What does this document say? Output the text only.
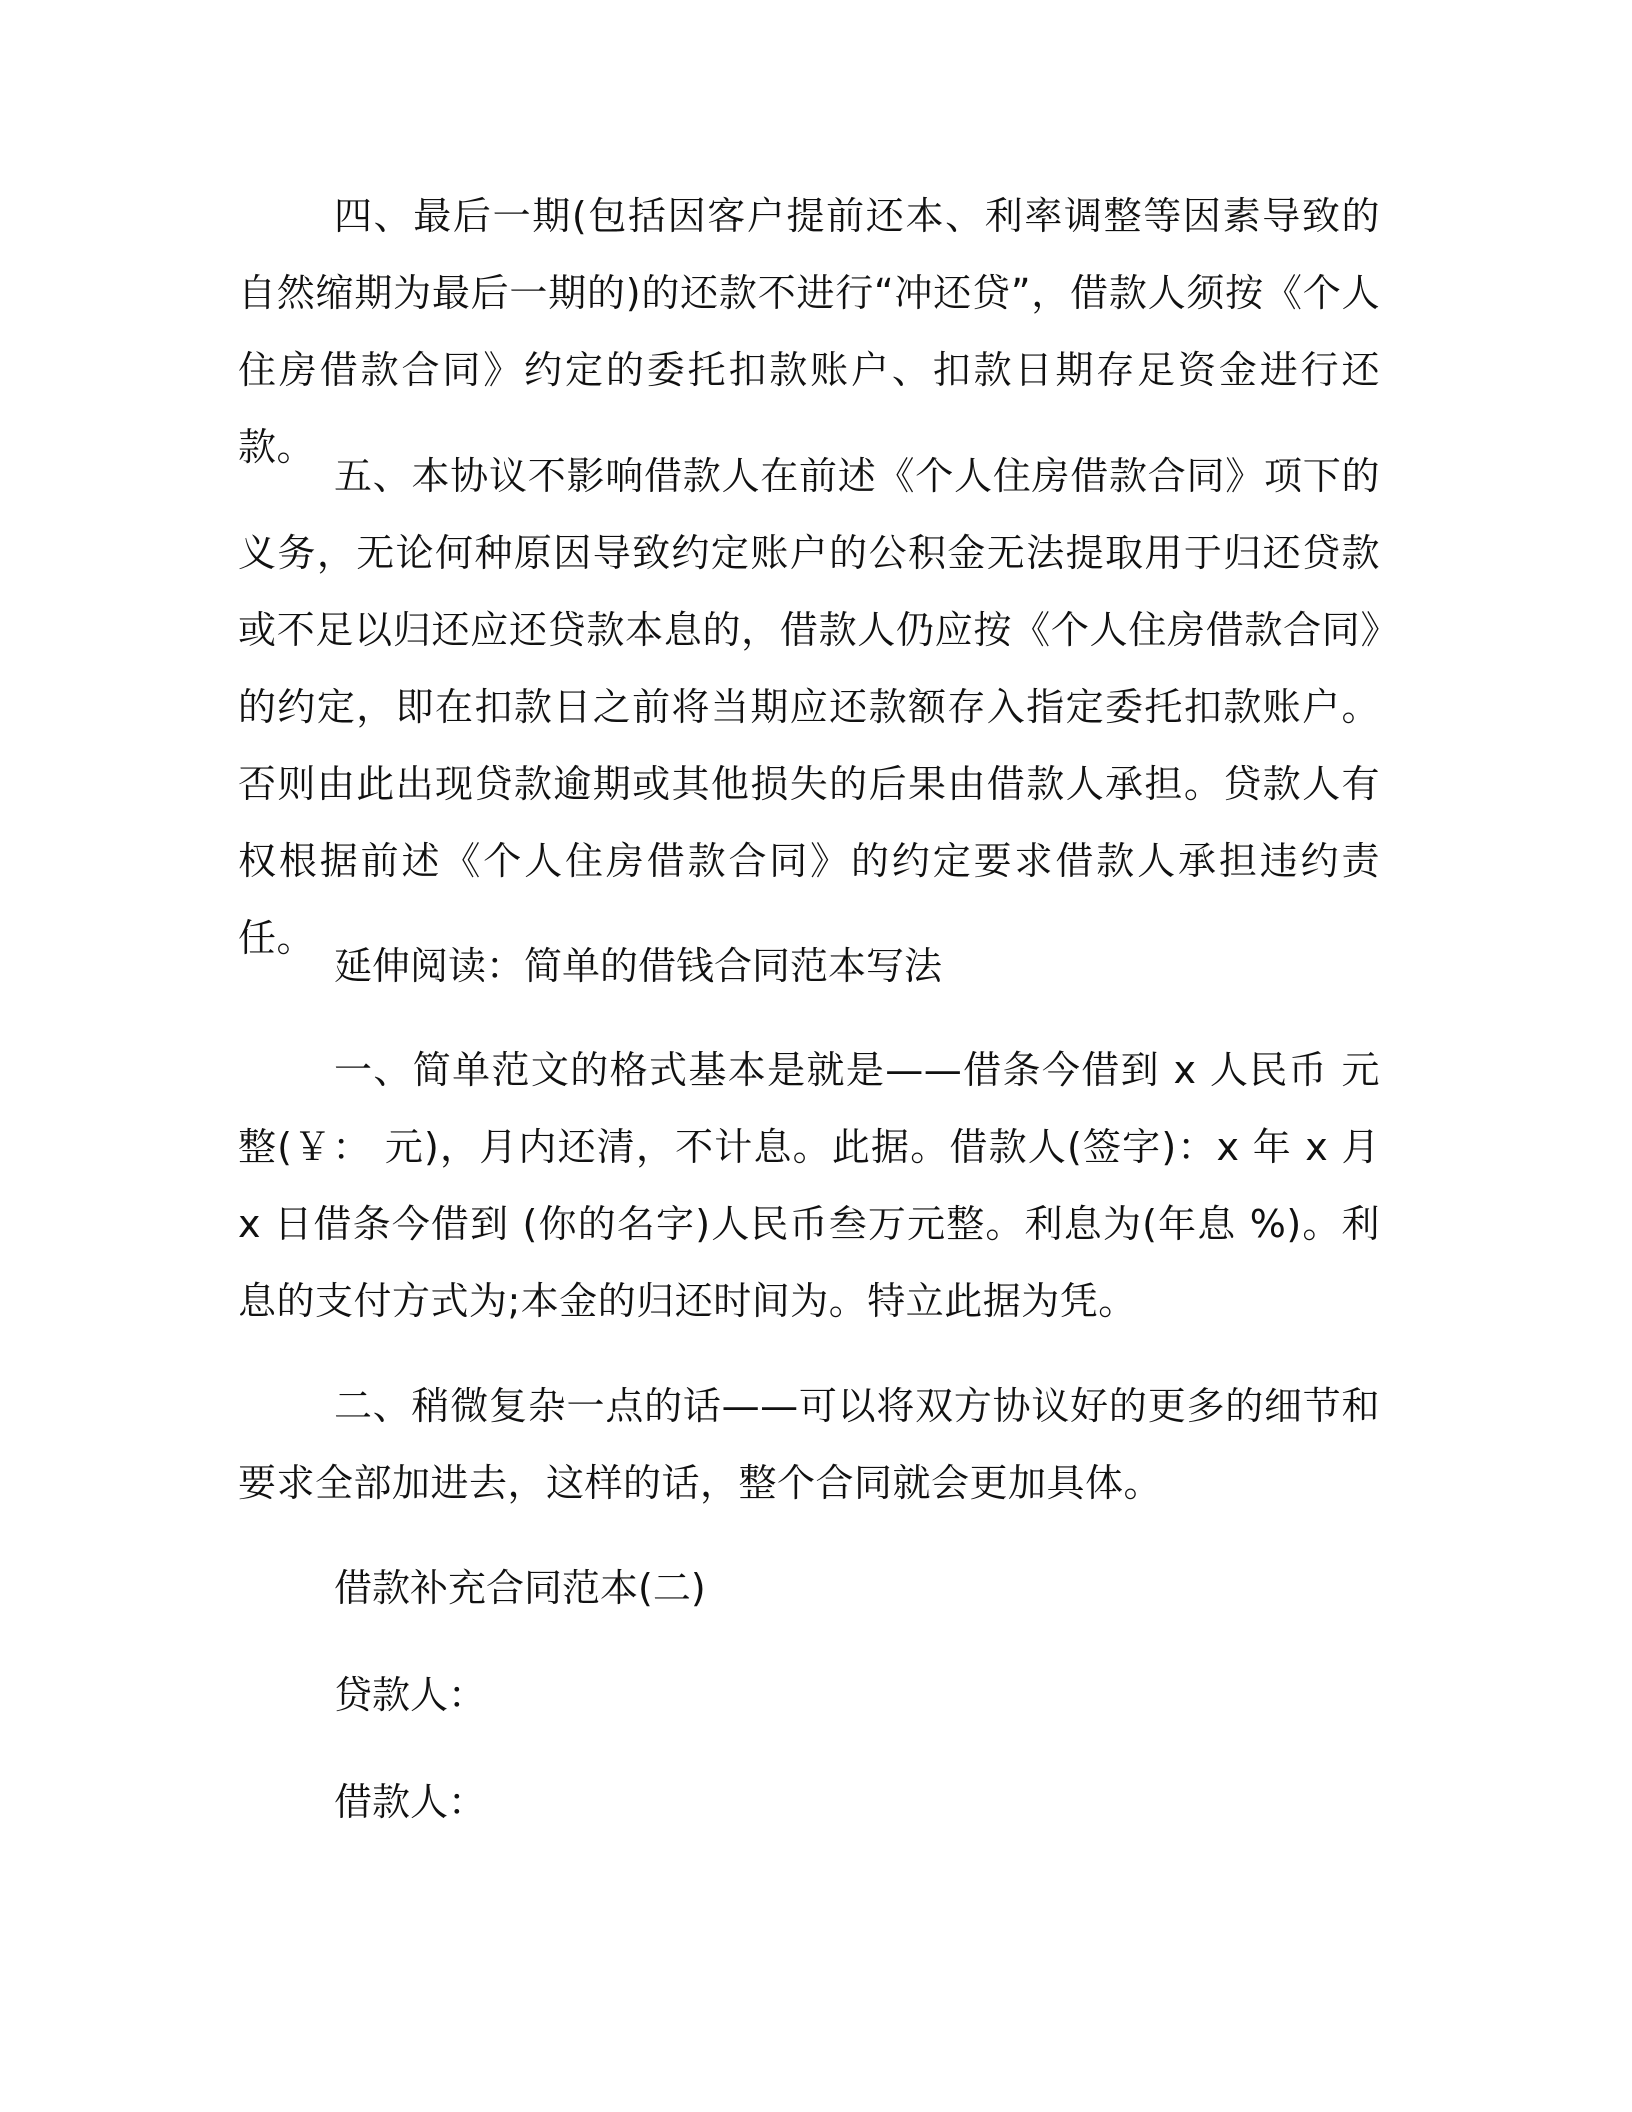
四、最后一期(包括因客户提前还本、利率调整等因素导致的自然缩期为最后一期的)的还款不进行“冲还贷”，借款人须按《个人住房借款合同》约定的委托扣款账户、扣款日期存足资金进行还款。

五、本协议不影响借款人在前述《个人住房借款合同》项下的义务，无论何种原因导致约定账户的公积金无法提取用于归还贷款或不足以归还应还贷款本息的，借款人仍应按《个人住房借款合同》的约定，即在扣款日之前将当期应还款额存入指定委托扣款账户。否则由此出现贷款逾期或其他损失的后果由借款人承担。贷款人有权根据前述《个人住房借款合同》的约定要求借款人承担违约责任。

延伸阅读：简单的借钱合同范本写法

一、简单范文的格式基本是就是——借条今借到 x 人民币 元整(￥： 元)，月内还清，不计息。此据。借款人(签字)：x 年 x 月 x 日借条今借到 (你的名字)人民币叁万元整。利息为(年息 %)。利息的支付方式为;本金的归还时间为。特立此据为凭。

二、稍微复杂一点的话——可以将双方协议好的更多的细节和要求全部加进去，这样的话，整个合同就会更加具体。

借款补充合同范本(二)

贷款人：

借款人：
